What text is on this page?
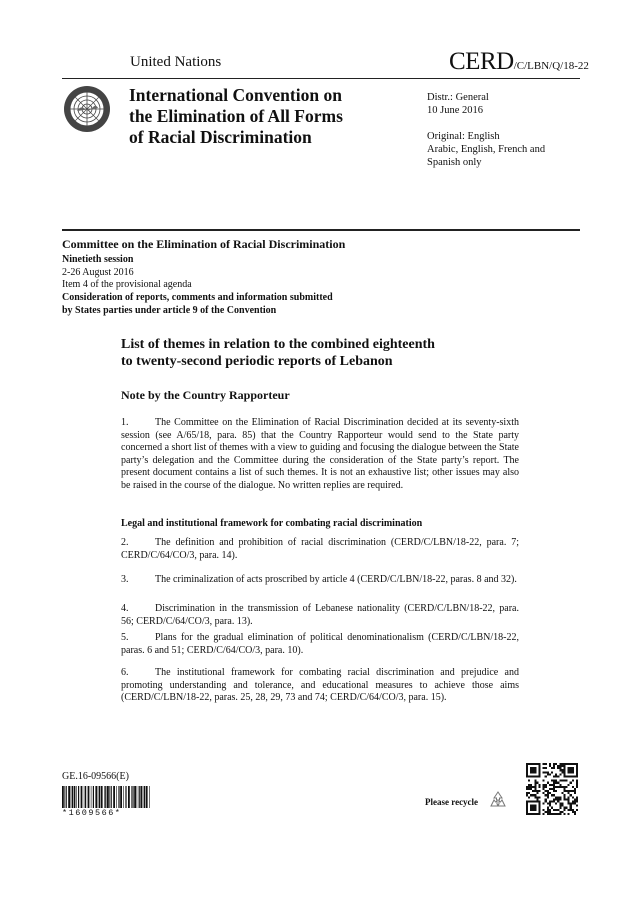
United Nations	CERD/C/LBN/Q/18-22
International Convention on
the Elimination of All Forms
of Racial Discrimination
Distr.: General
10 June 2016
Original: English
Arabic, English, French and
Spanish only
Committee on the Elimination of Racial Discrimination
Ninetieth session
2-26 August 2016
Item 4 of the provisional agenda
Consideration of reports, comments and information submitted
by States parties under article 9 of the Convention
List of themes in relation to the combined eighteenth
to twenty-second periodic reports of Lebanon
Note by the Country Rapporteur
1.	The Committee on the Elimination of Racial Discrimination decided at its seventy-sixth session (see A/65/18, para. 85) that the Country Rapporteur would send to the State party concerned a short list of themes with a view to guiding and focusing the dialogue between the State party’s delegation and the Committee during the consideration of the State party’s report. The present document contains a list of such themes. It is not an exhaustive list; other issues may also be raised in the course of the dialogue. No written replies are required.
Legal and institutional framework for combating racial discrimination
2.	The definition and prohibition of racial discrimination (CERD/C/LBN/18-22, para. 7; CERD/C/64/CO/3, para. 14).
3.	The criminalization of acts proscribed by article 4 (CERD/C/LBN/18-22, paras. 8 and 32).
4.	Discrimination in the transmission of Lebanese nationality (CERD/C/LBN/18-22, para. 56; CERD/C/64/CO/3, para. 13).
5.	Plans for the gradual elimination of political denominationalism (CERD/C/LBN/18-22, paras. 6 and 51; CERD/C/64/CO/3, para. 10).
6.	The institutional framework for combating racial discrimination and prejudice and promoting understanding and tolerance, and educational measures to achieve those aims (CERD/C/LBN/18-22, paras. 25, 28, 29, 73 and 74; CERD/C/64/CO/3, para. 15).
GE.16-09566(E)
*1609566*
Please recycle
